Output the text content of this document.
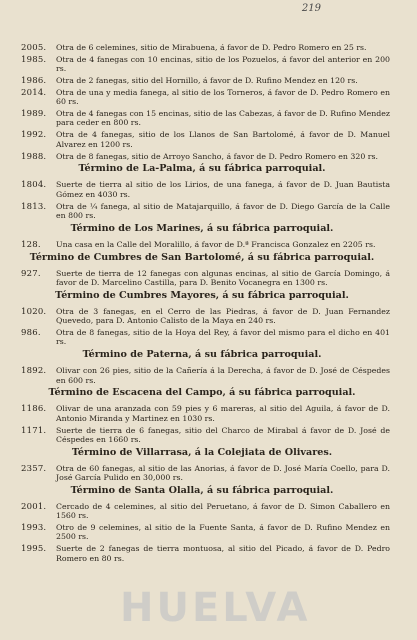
219
2005. Otra de 6 celemines, sitio de Mirabuena, á favor de D. Pedro Romero en 25 rs.
1985. Otra de 4 fanegas con 10 encinas, sitio de los Pozuelos, á favor del anterior en 200 rs.
1986. Otra de 2 fanegas, sitio del Hornillo, á favor de D. Rufino Mendez en 120 rs.
2014. Otra de una y media fanega, al sitio de los Torneros, á favor de D. Pedro Romero en 60 rs.
1989. Otra de 4 fanegas con 15 encinas, sitio de las Cabezas, á favor de D. Rufino Mendez para ceder en 800 rs.
1992. Otra de 4 fanegas, sitio de los Llanos de San Bartolomé, á favor de D. Manuel Alvarez en 1200 rs.
1988. Otra de 8 fanegas, sitio de Arroyo Sancho, á favor de D. Pedro Romero en 320 rs.
Término de La-Palma, á su fábrica parroquial.
1804. Suerte de tierra al sitio de los Lirios, de una fanega, á favor de D. Juan Bautista Gómez en 4030 rs.
1813. Otra de ¼ fanega, al sitio de Matajarquillo, á favor de D. Diego García de la Calle en 800 rs.
Término de Los Marines, á su fábrica parroquial.
128. Una casa en la Calle del Moralillo, á favor de D.ª Francisca Gonzalez en 2205 rs.
Término de Cumbres de San Bartolomé, á su fábrica parroquial.
927. Suerte de tierra de 12 fanegas con algunas encinas, al sitio de García Domingo, á favor de D. Marcelino Castilla, para D. Benito Vocanegra en 1300 rs.
Término de Cumbres Mayores, á su fábrica parroquial.
1020. Otra de 3 fanegas, en el Cerro de las Piedras, á favor de D. Juan Fernandez Quevedo, para D. Antonio Calisto de la Maya en 240 rs.
986. Otra de 8 fanegas, sitio de la Hoya del Rey, á favor del mismo para el dicho en 401 rs.
Término de Paterna, á su fábrica parroquial.
1892. Olivar con 26 pies, sitio de la Cañería á la Derecha, á favor de D. José de Céspedes en 600 rs.
Término de Escacena del Campo, á su fábrica parroquial.
1186. Olivar de una aranzada con 59 pies y 6 mareras, al sitio del Aguila, á favor de D. Antonio Miranda y Martinez en 1030 rs.
1171. Suerte de tierra de 6 fanegas, sitio del Charco de Mirabal á favor de D. José de Céspedes en 1660 rs.
Término de Villarrasa, á la Colejiata de Olivares.
2357. Otra de 60 fanegas, al sitio de las Anorias, á favor de D. José María Coello, para D. José García Pulido en 30,000 rs.
Término de Santa Olalla, á su fábrica parroquial.
2001. Cercado de 4 celemines, al sitio del Peruetano, á favor de D. Simon Caballero en 1560 rs.
1993. Otro de 9 celemines, al sitio de la Fuente Santa, á favor de D. Rufino Mendez en 2500 rs.
1995. Suerte de 2 fanegas de tierra montuosa, al sitio del Picado, á favor de D. Pedro Romero en 80 rs.
HUELVA
